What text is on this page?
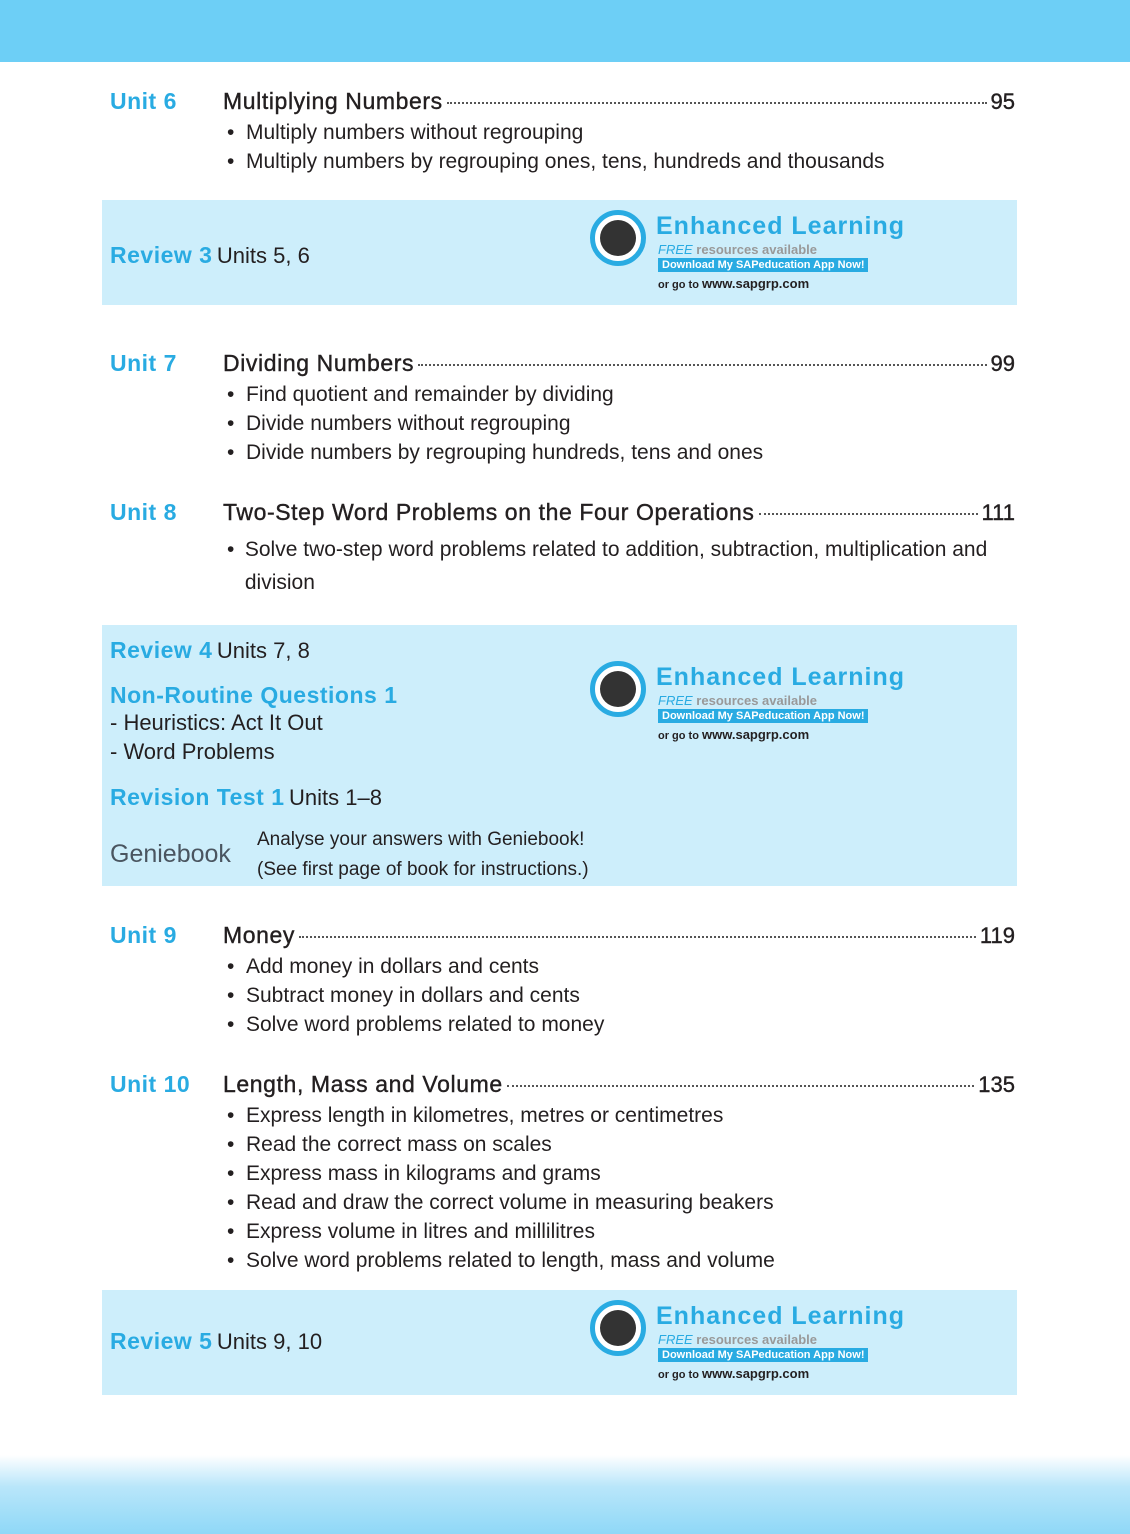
Unit 6	Multiplying Numbers	95
• Multiply numbers without regrouping
• Multiply numbers by regrouping ones, tens, hundreds and thousands
Review 3 Units 5, 6
Enhanced Learning
FREE resources available
Download My SAPeducation App Now!
or go to www.sapgrp.com
Unit 7	Dividing Numbers	99
• Find quotient and remainder by dividing
• Divide numbers without regrouping
• Divide numbers by regrouping hundreds, tens and ones
Unit 8	Two-Step Word Problems on the Four Operations	111
• Solve two-step word problems related to addition, subtraction, multiplication and division
Review 4 Units 7, 8
Non-Routine Questions 1
- Heuristics: Act It Out
- Word Problems
Revision Test 1 Units 1–8
Geniebook
Analyse your answers with Geniebook!
(See first page of book for instructions.)
Enhanced Learning
FREE resources available
Download My SAPeducation App Now!
or go to www.sapgrp.com
Unit 9	Money	119
• Add money in dollars and cents
• Subtract money in dollars and cents
• Solve word problems related to money
Unit 10	Length, Mass and Volume	135
• Express length in kilometres, metres or centimetres
• Read the correct mass on scales
• Express mass in kilograms and grams
• Read and draw the correct volume in measuring beakers
• Express volume in litres and millilitres
• Solve word problems related to length, mass and volume
Review 5 Units 9, 10
Enhanced Learning
FREE resources available
Download My SAPeducation App Now!
or go to www.sapgrp.com
